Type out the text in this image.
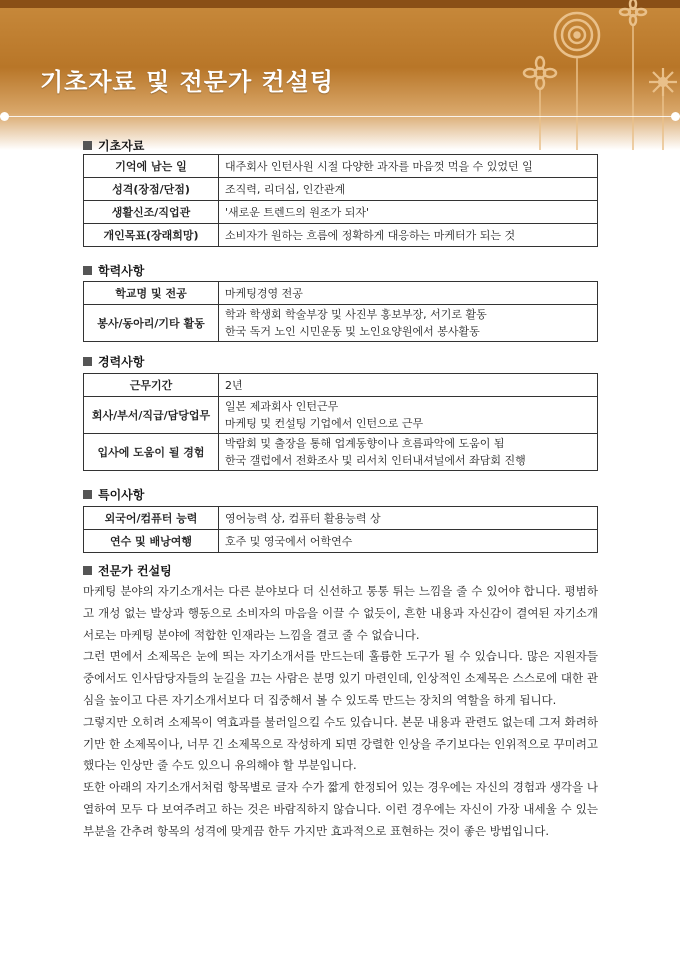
기초자료 및 전문가 컨설팅
기초자료
기억에 남는 일	대주회사 인턴사원 시절 다양한 과자를 마음껏 먹을 수 있었던 일

성격(장점/단점)	조직력, 리더십, 인간관계

생활신조/직업관	'새로운 트렌드의 원조가 되자'

개인목표(장래희망)	소비자가 원하는 흐름에 정확하게 대응하는 마케터가 되는 것
학력사항
학교명 및 전공	마케팅경영 전공

봉사/동아리/기타 활동	학과 학생회 학술부장 및 사진부 홍보부장, 서기로 활동
한국 독거 노인 시민운동 및 노인요양원에서 봉사활동
경력사항
근무기간	2년

회사/부서/직급/담당업무	일본 제과회사 인턴근무
마케팅 및 컨설팅 기업에서 인턴으로 근무

입사에 도움이 될 경험	박람회 및 출장을 통해 업계동향이나 흐름파악에 도움이 됨
한국 갤럽에서 전화조사 및 리서치 인터내셔널에서 좌담회 진행
특이사항
외국어/컴퓨터 능력	영어능력 상, 컴퓨터 활용능력 상

연수 및 배낭여행	호주 및 영국에서 어학연수
전문가 컨설팅

마케팅 분야의 자기소개서는 다른 분야보다 더 신선하고 통통 튀는 느낌을 줄 수 있어야 합니다. 평범하고 개성 없는 발상과 행동으로 소비자의 마음을 이끌 수 없듯이, 흔한 내용과 자신감이 결여된 자기소개서로는 마케팅 분야에 적합한 인재라는 느낌을 결코 줄 수 없습니다.

그런 면에서 소제목은 눈에 띄는 자기소개서를 만드는데 훌륭한 도구가 될 수 있습니다. 많은 지원자들 중에서도 인사담당자들의 눈길을 끄는 사람은 분명 있기 마련인데, 인상적인 소제목은 스스로에 대한 관심을 높이고 다른 자기소개서보다 더 집중해서 볼 수 있도록 만드는 장치의 역할을 하게 됩니다.

그렇지만 오히려 소제목이 역효과를 불러일으킬 수도 있습니다. 본문 내용과 관련도 없는데 그저 화려하기만 한 소제목이나, 너무 긴 소제목으로 작성하게 되면 강렬한 인상을 주기보다는 인위적으로 꾸미려고 했다는 인상만 줄 수도 있으니 유의해야 할 부분입니다.

또한 아래의 자기소개서처럼 항목별로 글자 수가 짧게 한정되어 있는 경우에는 자신의 경험과 생각을 나열하여 모두 다 보여주려고 하는 것은 바람직하지 않습니다. 이런 경우에는 자신이 가장 내세울 수 있는 부분을 간추려 항목의 성격에 맞게끔 한두 가지만 효과적으로 표현하는 것이 좋은 방법입니다.
